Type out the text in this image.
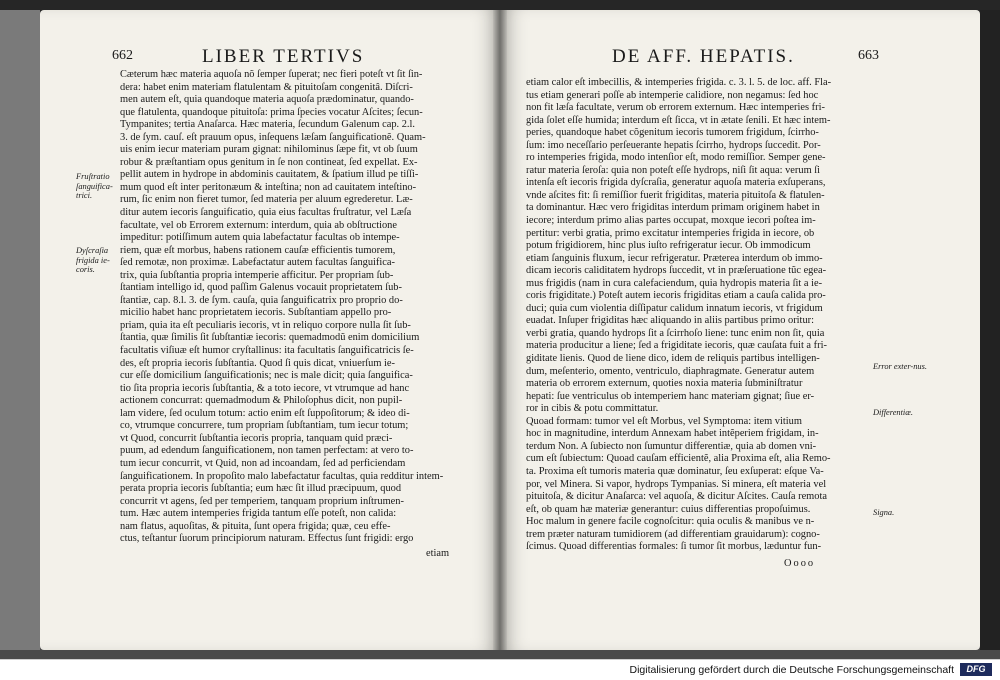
662	LIBER TERTIVS
Cæterum hæc materia aquoſa nõ ſemper ſuperat; nec fieri poteſt vt ſit ſin-
dera: habet enim materiam flatulentam & pituitoſam congenitâ. Diſcri-
men autem eſt, quia quandoque materia aquoſa prædominatur, quando-
que flatulenta, quandoque pituitoſa: prima ſpecies vocatur Aſcites; ſecun-
Tympanites; tertia Anaſarca. Hæc materia, ſecundum Galenum cap. 2.l.
3. de ſym. cauſ. eſt prauum opus, inſequens læſam ſanguificationẽ. Quam-
uis enim iecur materiam puram gignat: nihilominus ſæpe fit, vt ob ſuum
robur & præſtantiam opus genitum in ſe non contineat, ſed expellat. Ex-
pellit autem in hydrope in abdominis cauitatem, & ſpatium illud pe tiſſi-
mum quod eſt inter peritonæum & inteſtina; non ad cauitatem inteſtino-
rum, ſic enim non fieret tumor, ſed materia per aluum egrederetur. Læ-
ditur autem iecoris ſanguificatio, quia eius facultas fruſtratur, vel Læſa
facultate, vel ob Errorem externum: interdum, quia ab obſtructione
impeditur: potiſſimum autem quia labefactatur facultas ob intempe-
riem, quæ eſt morbus, habens rationem cauſæ efficientis tumorem,
ſed remotæ, non proximæ. Labefactatur autem facultas ſanguifica-
trix, quia ſubſtantia propria intemperie afficitur. Per propriam ſub-
ſtantiam intelligo id, quod paſſim Galenus vocauit proprietatem ſub-
ſtantiæ, cap. 8.l. 3. de ſym. cauſa, quia ſanguificatrix pro proprio do-
micilio habet hanc proprietatem iecoris. Subſtantiam appello pro-
priam, quia ita eſt peculiaris iecoris, vt in reliquo corpore nulla ſit ſub-
ſtantia, quæ ſimilis ſit ſubſtantiæ iecoris: quemadmodũ enim domicilium
facultatis viſiuæ eſt humor cryſtallinus: ita facultatis ſanguificatricis ſe-
des, eſt propria iecoris ſubſtantia. Quod ſi quis dicat, vniuerſum ie-
cur eſſe domicilium ſanguificationis; nec is male dicit; quia ſanguifica-
tio ſita propria iecoris ſubſtantia, & a toto iecore, vt vtrumque ad hanc
actionem concurrat: quemadmodum & Philoſophus dicit, non pupil-
lam videre, ſed oculum totum: actio enim eſt ſuppoſitorum; & ideo di-
co, vtrumque concurrere, tum propriam ſubſtantiam, tum iecur totum;
vt Quod, concurrit ſubſtantia iecoris propria, tanquam quid præci-
puum, ad edendum ſanguificationem, non tamen perfectam: at vero to-
tum iecur concurrit, vt Quid, non ad incoandam, ſed ad perficiendam
ſanguificationem. In propoſito malo labefactatur facultas, quia redditur intem-
perata propria iecoris ſubſtantia; eum hæc ſit illud præcipuum, quod
concurrit vt agens, ſed per temperiem, tanquam proprium inſtrumen-
tum. Hæc autem intemperies frigida tantum eſſe poteſt, non calida:
nam flatus, aquoſitas, & pituita, ſunt opera frigida; quæ, ceu effe-
ctus, teſtantur ſuorum principiorum naturam. Effectus ſunt frigidi: ergo
etiam
Fruſtratio ſanguifica-trici.
Dyſcraſia frigida ie-coris.
DE AFF. HEPATIS.	663
etiam calor eſt imbecillis, & intemperies frigida. c. 3. l. 5. de loc. aff. Fla-
tus etiam generari poſſe ab intemperie calidiore, non negamus: ſed hoc
non fit læſa facultate, verum ob errorem externum. Hæc intemperies fri-
gida ſolet eſſe humida; interdum eſt ſicca, vt in ætate ſenili. Et hæc intem-
peries, quandoque habet cõgenitum iecoris tumorem frigidum, ſcirrho-
ſum: imo neceſſario perſeuerante hepatis ſcirrho, hydrops ſuccedit. Por-
ro intemperies frigida, modo intenſior eſt, modo remiſſior. Semper gene-
ratur materia ſeroſa: quia non poteſt eſſe hydrops, niſi ſit aqua: verum ſi
intenſa eſt iecoris frigida dyſcraſia, generatur aquoſa materia exſuperans,
vnde aſcites fit: ſi remiſſior fuerit frigiditas, materia pituitoſa & flatulen-
ta dominantur. Hæc vero frigiditas interdum primam originem habet in
iecore; interdum primo alias partes occupat, moxque iecori poſtea im-
pertitur: verbi gratia, primo excitatur intemperies frigida in iecore, ob
potum frigidiorem, hinc plus iuſto refrigeratur iecur. Ob immodicum
etiam ſanguinis fluxum, iecur refrigeratur. Præterea interdum ob immo-
dicam iecoris caliditatem hydrops ſuccedit, vt in præſeruatione tũc egea-
mus frigidis (nam in cura calefaciendum, quia hydropis materia ſit a ie-
coris frigiditate.) Poteſt autem iecoris frigiditas etiam a cauſa calida pro-
duci; quia cum violentia diſſipatur calidum innatum iecoris, vt frigidum
euadat. Inſuper frigiditas hæc aliquando in aliis partibus primo oritur:
verbi gratia, quando hydrops ſit a ſcirrhoſo liene: tunc enim non ſit, quia
materia producitur a liene; ſed a frigiditate iecoris, quæ cauſata fuit a fri-
giditate lienis. Quod de liene dico, idem de reliquis partibus intelligen-
dum, meſenterio, omento, ventriculo, diaphragmate. Generatur autem
materia ob errorem externum, quoties noxia materia ſubminiſtratur
hepati: ſue ventriculus ob intemperiem hanc materiam gignat; ſiue er-
ror in cibis & potu committatur.
Quoad formam: tumor vel eſt Morbus, vel Symptoma: item vitium
hoc in magnitudine, interdum Annexam habet intẽperiem frigidam, in-
terdum Non. A ſubiecto non ſumuntur differentiæ, quia ab domen vni-
cum eſt ſubiectum: Quoad cauſam efficientẽ, alia Proxima eſt, alia Remo-
ta. Proxima eſt tumoris materia quæ dominatur, ſeu exſuperat: eſque Va-
por, vel Minera. Si vapor, hydrops Tympanias. Si minera, eſt materia vel
pituitoſa, & dicitur Anaſarca: vel aquoſa, & dicitur Aſcites. Cauſa remota
eſt, ob quam hæ materiæ generantur: cuius differentias propoſuimus.
Hoc malum in genere facile cognoſcitur: quia oculis & manibus ve n-
trem præter naturam tumidiorem (ad differentiam grauidarum): cogno-
ſcimus. Quoad differentias formales: ſi tumor ſit morbus, læduntur fun-
Oooo
Error exter-nus.
Differentiæ.
Signa.
Digitalisierung gefördert durch die Deutsche Forschungsgemeinschaft	DFG
